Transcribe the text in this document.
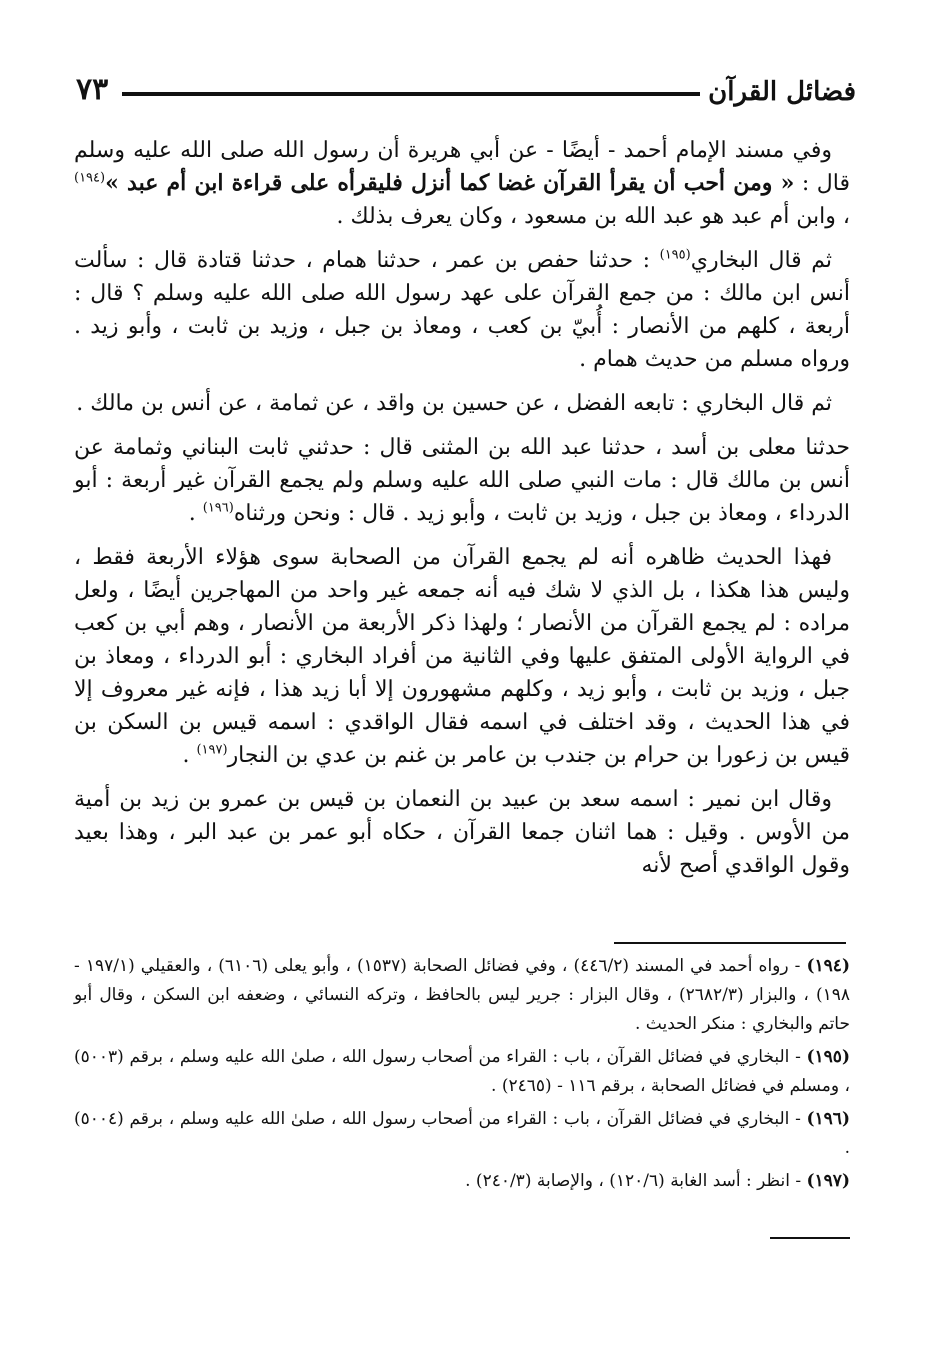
٧٣	فضائل القرآن

وفي مسند الإمام أحمد - أيضًا - عن أبي هريرة أن رسول الله صلى الله عليه وسلم قال : « ومن أحب أن يقرأ القرآن غضا كما أنزل فليقرأه على قراءة ابن أم عبد »$^{(١٩٤)}$ ، وابن أم عبد هو عبد الله بن مسعود ، وكان يعرف بذلك .

ثم قال البخاري$^{(١٩٥)}$ : حدثنا حفص بن عمر ، حدثنا همام ، حدثنا قتادة قال : سألت أنس ابن مالك : من جمع القرآن على عهد رسول الله صلى الله عليه وسلم ؟ قال : أربعة ، كلهم من الأنصار : أُبيّ بن كعب ، ومعاذ بن جبل ، وزيد بن ثابت ، وأبو زيد . ورواه مسلم من حديث همام .

ثم قال البخاري : تابعه الفضل ، عن حسين بن واقد ، عن ثمامة ، عن أنس بن مالك .

حدثنا معلى بن أسد ، حدثنا عبد الله بن المثنى قال : حدثني ثابت البناني وثمامة عن أنس بن مالك قال : مات النبي صلى الله عليه وسلم ولم يجمع القرآن غير أربعة : أبو الدرداء ، ومعاذ بن جبل ، وزيد بن ثابت ، وأبو زيد . قال : ونحن ورثناه$^{(١٩٦)}$ .

فهذا الحديث ظاهره أنه لم يجمع القرآن من الصحابة سوى هؤلاء الأربعة فقط ، وليس هذا هكذا ، بل الذي لا شك فيه أنه جمعه غير واحد من المهاجرين أيضًا ، ولعل مراده : لم يجمع القرآن من الأنصار ؛ ولهذا ذكر الأربعة من الأنصار ، وهم أبي بن كعب في الرواية الأولى المتفق عليها وفي الثانية من أفراد البخاري : أبو الدرداء ، ومعاذ بن جبل ، وزيد بن ثابت ، وأبو زيد ، وكلهم مشهورون إلا أبا زيد هذا ، فإنه غير معروف إلا في هذا الحديث ، وقد اختلف في اسمه فقال الواقدي : اسمه قيس بن السكن بن قيس بن زعورا بن حرام بن جندب بن عامر بن غنم بن عدي بن النجار$^{(١٩٧)}$ .

وقال ابن نمير : اسمه سعد بن عبيد بن النعمان بن قيس بن عمرو بن زيد بن أمية من الأوس . وقيل : هما اثنان جمعا القرآن ، حكاه أبو عمر بن عبد البر ، وهذا بعيد وقول الواقدي أصح لأنه

(١٩٤) - رواه أحمد في المسند (٤٤٦/٢) ، وفي فضائل الصحابة (١٥٣٧) ، وأبو يعلى (٦١٠٦) ، والعقيلي (١٩٧/١ - ١٩٨) ، والبزار (٢٦٨٢/٣) ، وقال البزار : جرير ليس بالحافظ ، وتركه النسائي ، وضعفه ابن السكن ، وقال أبو حاتم والبخاري : منكر الحديث .

(١٩٥) - البخاري في فضائل القرآن ، باب : القراء من أصحاب رسول الله ، صلىٰ الله عليه وسلم ، برقم (٥٠٠٣) ، ومسلم في فضائل الصحابة ، برقم ١١٦ - (٢٤٦٥) .

(١٩٦) - البخاري في فضائل القرآن ، باب : القراء من أصحاب رسول الله ، صلىٰ الله عليه وسلم ، برقم (٥٠٠٤) .

(١٩٧) - انظر : أسد الغابة (١٢٠/٦) ، والإصابة (٢٤٠/٣) .
